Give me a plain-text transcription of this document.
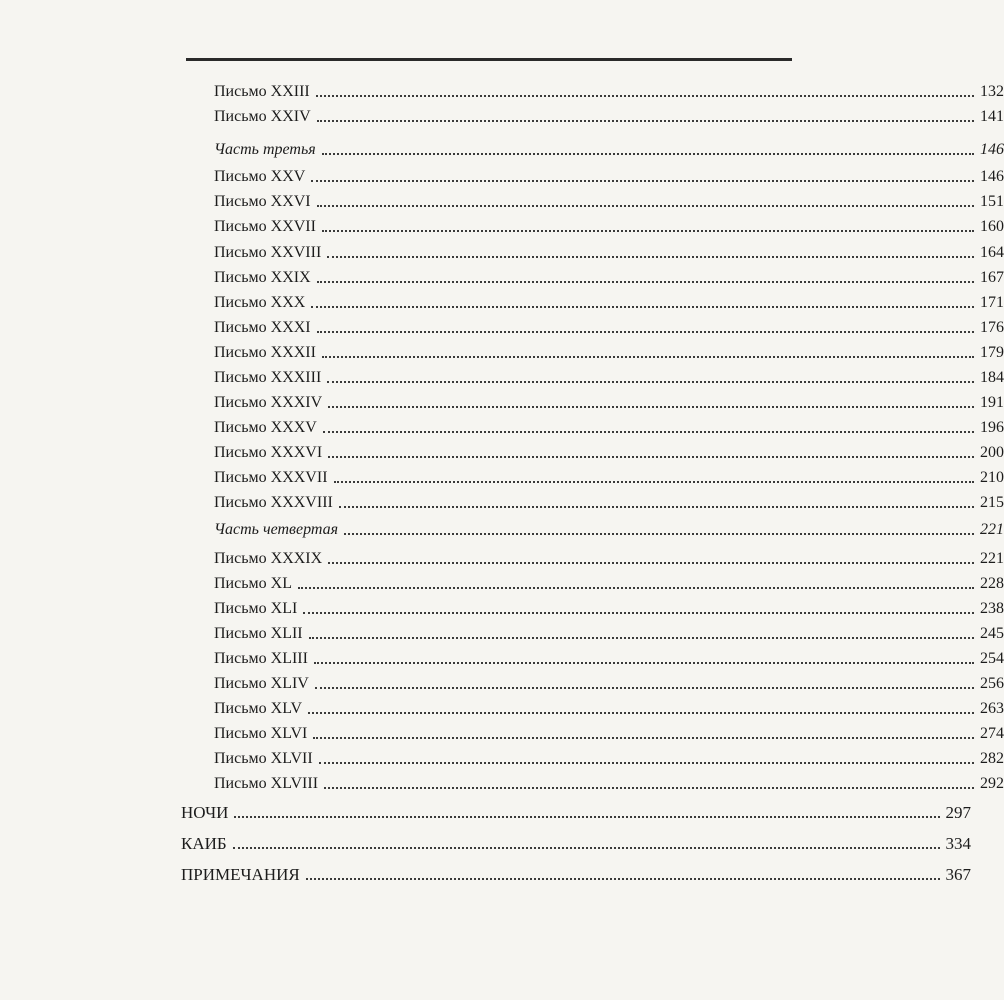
Письмо XXIII	132
Письмо XXIV	141
Часть третья	146
Письмо XXV	146
Письмо XXVI	151
Письмо XXVII	160
Письмо XXVIII	164
Письмо XXIX	167
Письмо XXX	171
Письмо XXXI	176
Письмо XXXII	179
Письмо XXXIII	184
Письмо XXXIV	191
Письмо XXXV	196
Письмо XXXVI	200
Письмо XXXVII	210
Письмо XXXVIII	215
Часть четвертая	221
Письмо XXXIX	221
Письмо XL	228
Письмо XLI	238
Письмо XLII	245
Письмо XLIII	254
Письмо XLIV	256
Письмо XLV	263
Письмо XLVI	274
Письмо XLVII	282
Письмо XLVIII	292
НОЧИ	297
КАИБ	334
ПРИМЕЧАНИЯ	367
